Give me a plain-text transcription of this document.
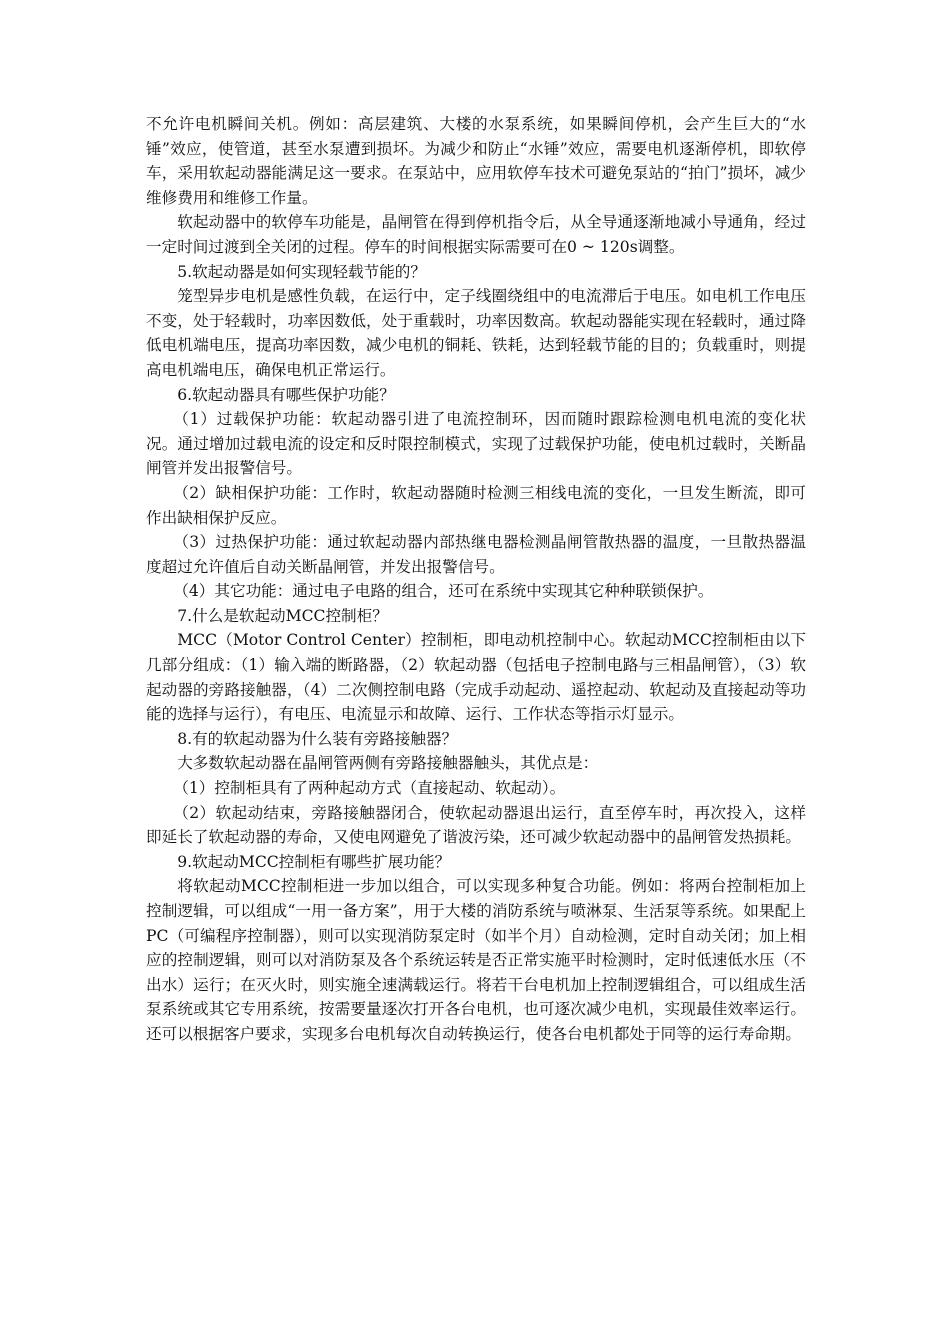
不允许电机瞬间关机。例如：高层建筑、大楼的水泵系统，如果瞬间停机，会产生巨大的“水锤”效应，使管道，甚至水泵遭到损坏。为减少和防止“水锤”效应，需要电机逐渐停机，即软停车，采用软起动器能满足这一要求。在泵站中，应用软停车技术可避免泵站的“拍门”损坏，减少维修费用和维修工作量。

软起动器中的软停车功能是，晶闸管在得到停机指令后，从全导通逐渐地减小导通角，经过一定时间过渡到全关闭的过程。停车的时间根据实际需要可在0 ~ 120s调整。

5.软起动器是如何实现轻载节能的？

笼型异步电机是感性负载，在运行中，定子线圈绕组中的电流滞后于电压。如电机工作电压不变，处于轻载时，功率因数低，处于重载时，功率因数高。软起动器能实现在轻载时，通过降低电机端电压，提高功率因数，减少电机的铜耗、铁耗，达到轻载节能的目的；负载重时，则提高电机端电压，确保电机正常运行。

6.软起动器具有哪些保护功能？

（1）过载保护功能：软起动器引进了电流控制环，因而随时跟踪检测电机电流的变化状况。通过增加过载电流的设定和反时限控制模式，实现了过载保护功能，使电机过载时，关断晶闸管并发出报警信号。

（2）缺相保护功能：工作时，软起动器随时检测三相线电流的变化，一旦发生断流，即可作出缺相保护反应。

（3）过热保护功能：通过软起动器内部热继电器检测晶闸管散热器的温度，一旦散热器温度超过允许值后自动关断晶闸管，并发出报警信号。

（4）其它功能：通过电子电路的组合，还可在系统中实现其它种种联锁保护。

7.什么是软起动MCC控制柜？

MCC（Motor Control Center）控制柜，即电动机控制中心。软起动MCC控制柜由以下几部分组成：（1）输入端的断路器，（2）软起动器（包括电子控制电路与三相晶闸管），（3）软起动器的旁路接触器，（4）二次侧控制电路（完成手动起动、遥控起动、软起动及直接起动等功能的选择与运行），有电压、电流显示和故障、运行、工作状态等指示灯显示。

8.有的软起动器为什么装有旁路接触器？

大多数软起动器在晶闸管两侧有旁路接触器触头，其优点是：

（1）控制柜具有了两种起动方式（直接起动、软起动）。

（2）软起动结束，旁路接触器闭合，使软起动器退出运行，直至停车时，再次投入，这样即延长了软起动器的寿命，又使电网避免了谐波污染，还可减少软起动器中的晶闸管发热损耗。

9.软起动MCC控制柜有哪些扩展功能？

将软起动MCC控制柜进一步加以组合，可以实现多种复合功能。例如：将两台控制柜加上控制逻辑，可以组成“一用一备方案”，用于大楼的消防系统与喷淋泵、生活泵等系统。如果配上PC（可编程序控制器），则可以实现消防泵定时（如半个月）自动检测，定时自动关闭；加上相应的控制逻辑，则可以对消防泵及各个系统运转是否正常实施平时检测时，定时低速低水压（不出水）运行；在灭火时，则实施全速满载运行。将若干台电机加上控制逻辑组合，可以组成生活泵系统或其它专用系统，按需要量逐次打开各台电机，也可逐次减少电机，实现最佳效率运行。还可以根据客户要求，实现多台电机每次自动转换运行，使各台电机都处于同等的运行寿命期。
